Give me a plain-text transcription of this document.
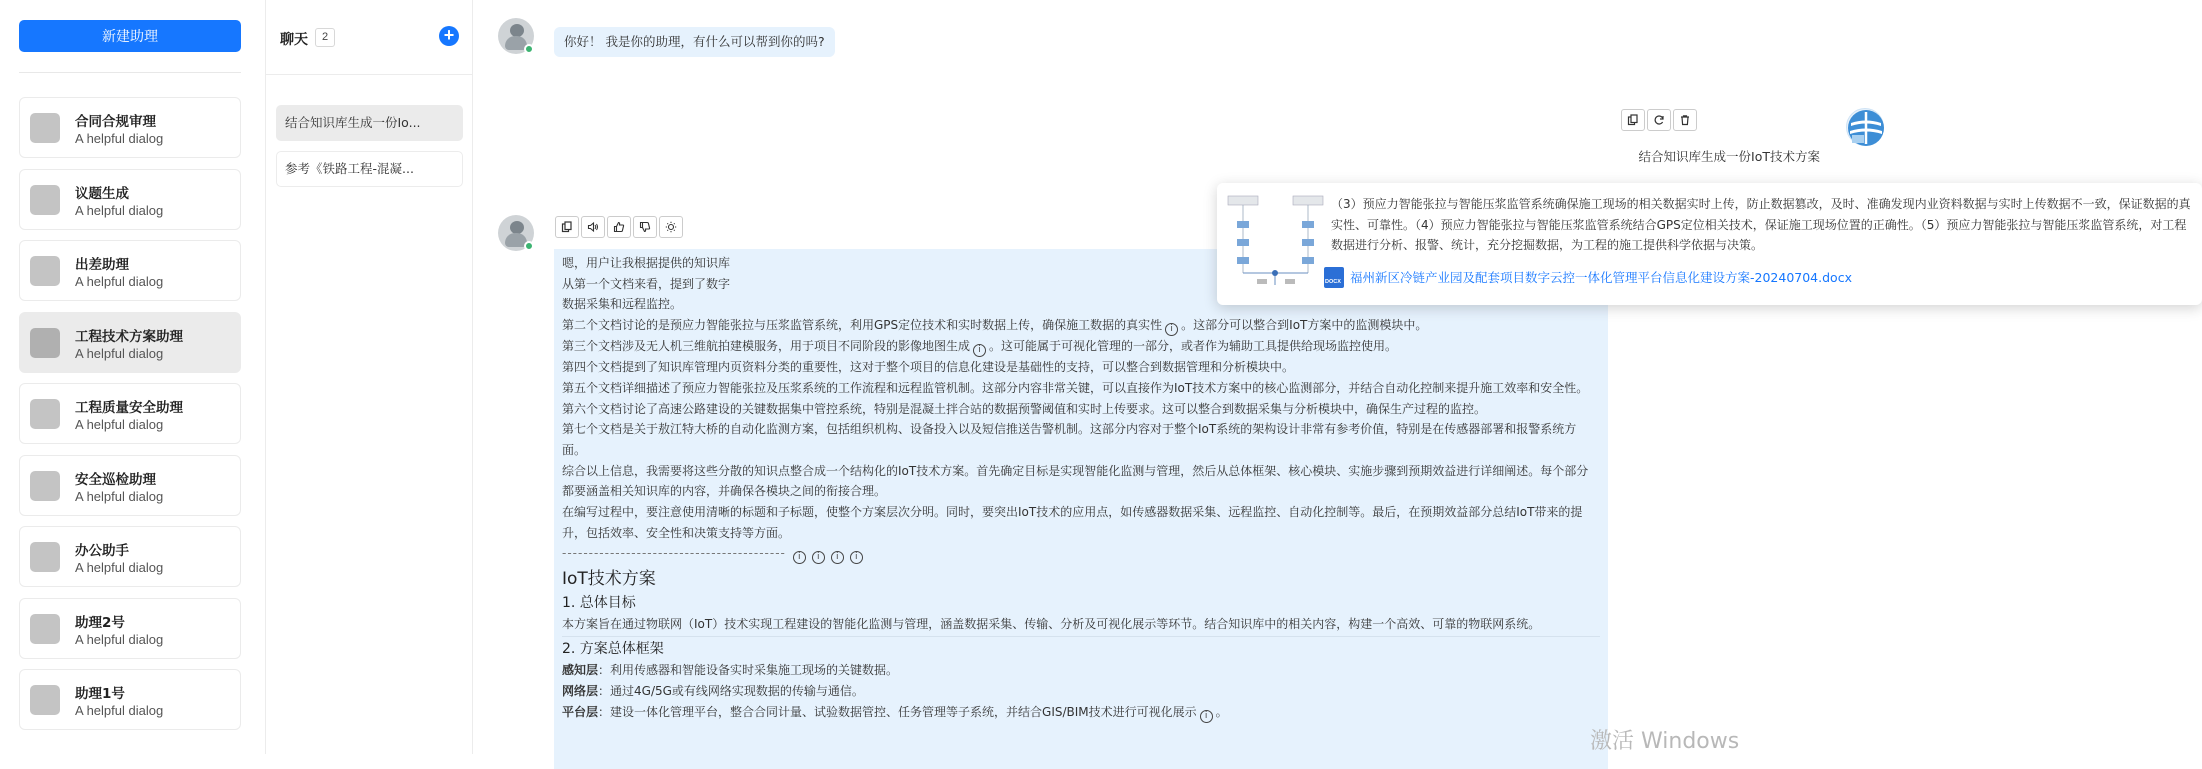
新建助理
合同合规审理
A helpful dialog
议题生成
A helpful dialog
出差助理
A helpful dialog
工程技术方案助理
A helpful dialog
工程质量安全助理
A helpful dialog
安全巡检助理
A helpful dialog
办公助手
A helpful dialog
助理2号
A helpful dialog
助理1号
A helpful dialog
聊天	2	+
结合知识库生成一份Io...
参考《铁路工程-混凝...
你好！ 我是你的助理，有什么可以帮到你的吗?
结合知识库生成一份IoT技术方案

嗯，用户让我根据提供的知识库

从第一个文档来看，提到了数字

数据采集和远程监控。

第二个文档讨论的是预应力智能张拉与压浆监管系统，利用GPS定位技术和实时数据上传，确保施工数据的真实性 i 。这部分可以整合到IoT方案中的监测模块中。

第三个文档涉及无人机三维航拍建模服务，用于项目不同阶段的影像地图生成 i 。这可能属于可视化管理的一部分，或者作为辅助工具提供给现场监控使用。

第四个文档提到了知识库管理内页资料分类的重要性，这对于整个项目的信息化建设是基础性的支持，可以整合到数据管理和分析模块中。

第五个文档详细描述了预应力智能张拉及压浆系统的工作流程和远程监管机制。这部分内容非常关键，可以直接作为IoT技术方案中的核心监测部分，并结合自动化控制来提升施工效率和安全性。

第六个文档讨论了高速公路建设的关键数据集中管控系统，特别是混凝土拌合站的数据预警阈值和实时上传要求。这可以整合到数据采集与分析模块中，确保生产过程的监控。

第七个文档是关于敖江特大桥的自动化监测方案，包括组织机构、设备投入以及短信推送告警机制。这部分内容对于整个IoT系统的架构设计非常有参考价值，特别是在传感器部署和报警系统方面。

综合以上信息，我需要将这些分散的知识点整合成一个结构化的IoT技术方案。首先确定目标是实现智能化监测与管理，然后从总体框架、核心模块、实施步骤到预期效益进行详细阐述。每个部分都要涵盖相关知识库的内容，并确保各模块之间的衔接合理。

在编写过程中，要注意使用清晰的标题和子标题，使整个方案层次分明。同时，要突出IoT技术的应用点，如传感器数据采集、远程监控、自动化控制等。最后，在预期效益部分总结IoT带来的提升，包括效率、安全性和决策支持等方面。

------------------------------------------ i i i i

IoT技术方案
1. 总体目标

本方案旨在通过物联网（IoT）技术实现工程建设的智能化监测与管理，涵盖数据采集、传输、分析及可视化展示等环节。结合知识库中的相关内容，构建一个高效、可靠的物联网系统。

2. 方案总体框架

感知层：利用传感器和智能设备实时采集施工现场的关键数据。

网络层：通过4G/5G或有线网络实现数据的传输与通信。

平台层：建设一体化管理平台，整合合同计量、试验数据管控、任务管理等子系统，并结合GIS/BIM技术进行可视化展示 i 。

（3）预应力智能张拉与智能压浆监管系统确保施工现场的相关数据实时上传，防止数据篡改，及时、准确发现内业资料数据与实时上传数据不一致，保证数据的真实性、可靠性。（4）预应力智能张拉与智能压浆监管系统结合GPS定位相关技术，保证施工现场位置的正确性。（5）预应力智能张拉与智能压浆监管系统，对工程数据进行分析、报警、统计，充分挖掘数据，为工程的施工提供科学依据与决策。
DOCX 福州新区冷链产业园及配套项目数字云控一体化管理平台信息化建设方案-20240704.docx
激活 Windows
